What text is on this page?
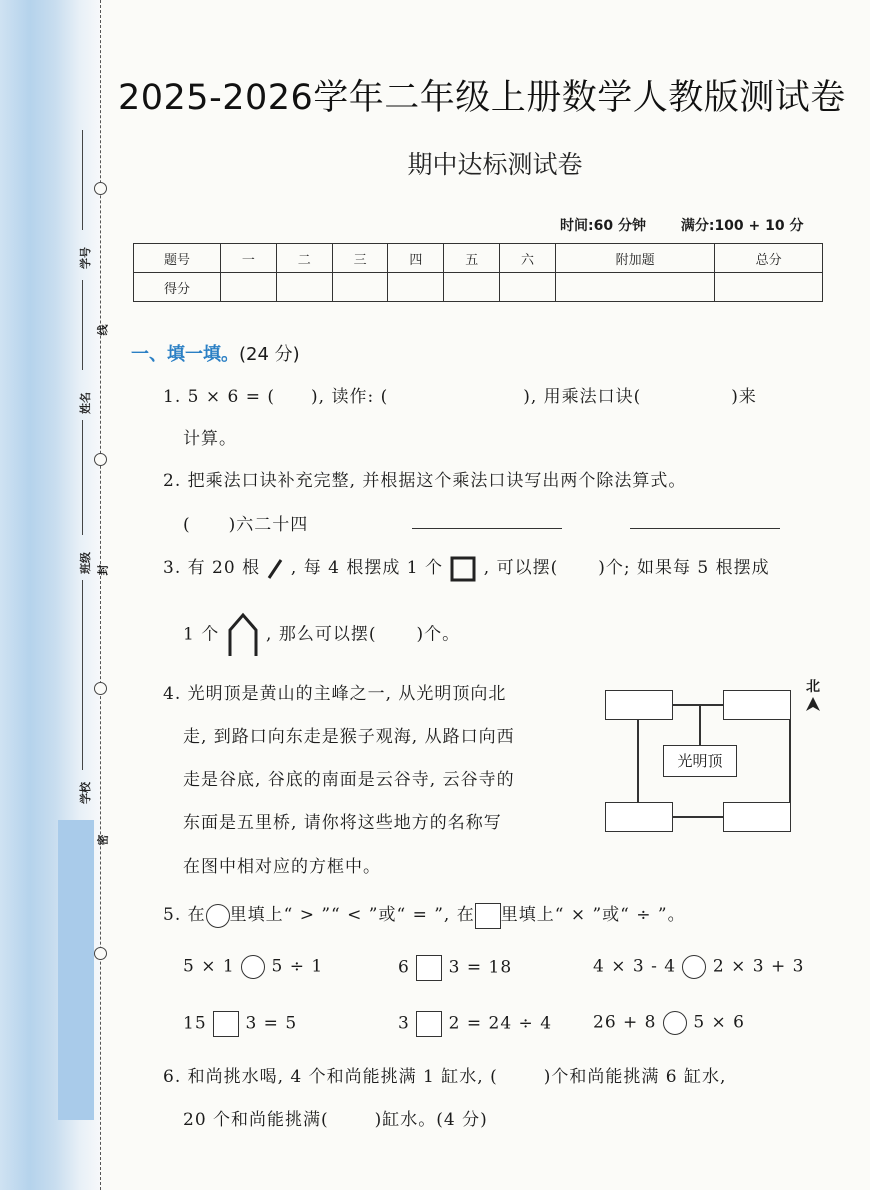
学号
姓名
班级
学校
线
封
密
2025-2026学年二年级上册数学人教版测试卷
期中达标测试卷
时间:60 分钟 满分:100 + 10 分
题号	一	二	三	四	五	六	附加题	总分
得分								
一、填一填。(24 分)
1. 5 × 6 = ( ), 读作: (	), 用乘法口诀(	)来
计算。
2. 把乘法口诀补充完整, 并根据这个乘法口诀写出两个除法算式。
( )六二十四
3. 有 20 根 , 每 4 根摆成 1 个 , 可以摆( )个; 如果每 5 根摆成
1 个	, 那么可以摆( )个。
4. 光明顶是黄山的主峰之一, 从光明顶向北
走, 到路口向东走是猴子观海, 从路口向西
走是谷底, 谷底的南面是云谷寺, 云谷寺的
东面是五里桥, 请你将这些地方的名称写
在图中相对应的方框中。
光明顶
北
5. 在 里填上“ > ”“ < ”或“ = ”, 在 里填上“ × ”或“ ÷ ”。
5 × 1 5 ÷ 1	6 3 = 18	4 × 3 - 4 2 × 3 + 3
15 3 = 5	3 2 = 24 ÷ 4 26 + 8 5 × 6
6. 和尚挑水喝, 4 个和尚能挑满 1 缸水, (	)个和尚能挑满 6 缸水,
20 个和尚能挑满(	)缸水。(4 分)
